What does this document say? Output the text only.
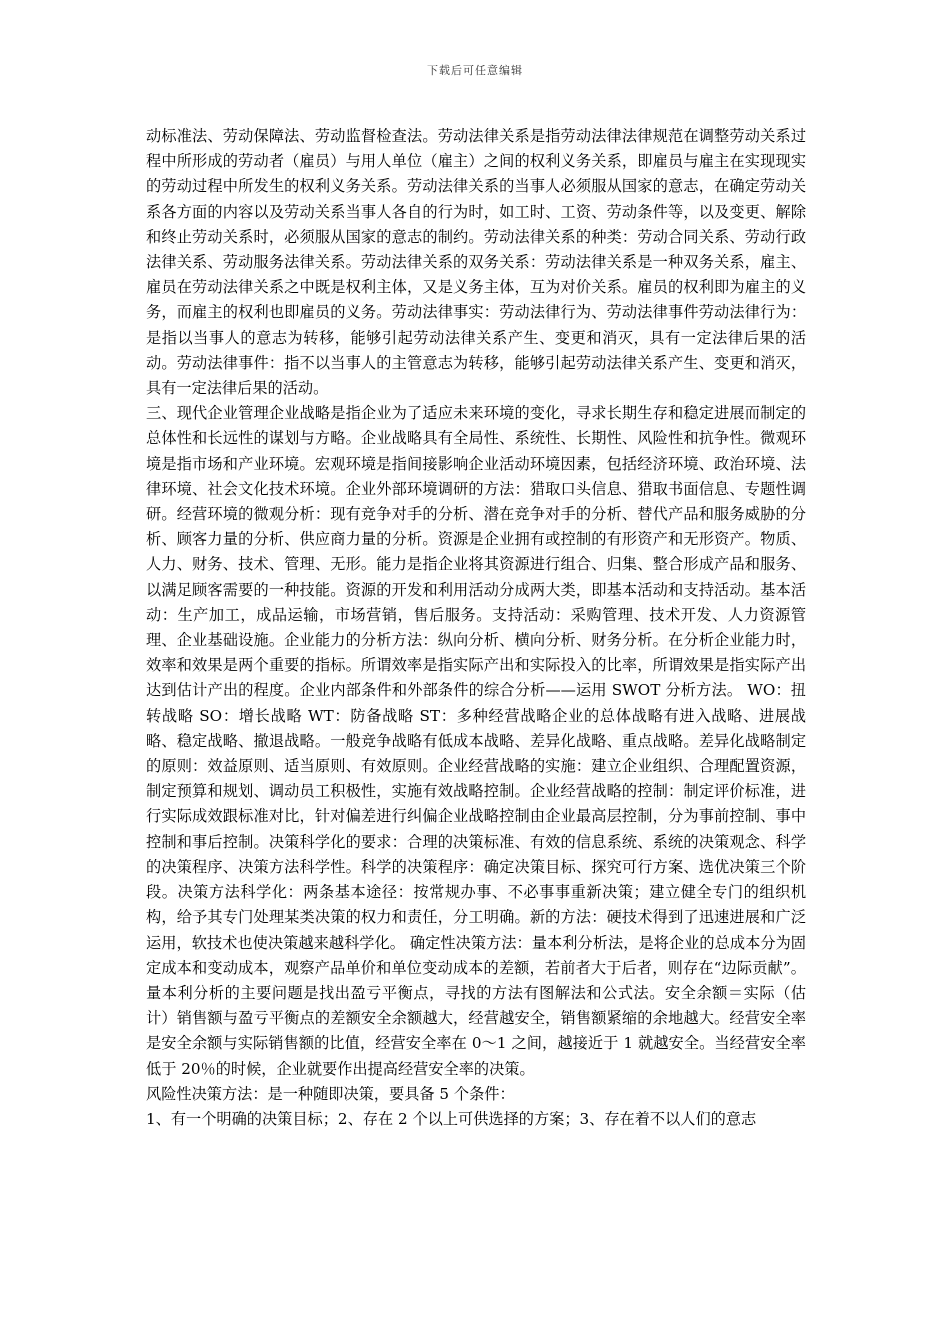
下载后可任意编辑

动标准法、劳动保障法、劳动监督检查法。劳动法律关系是指劳动法律法律规范在调整劳动关系过程中所形成的劳动者（雇员）与用人单位（雇主）之间的权利义务关系，即雇员与雇主在实现现实的劳动过程中所发生的权利义务关系。劳动法律关系的当事人必须服从国家的意志，在确定劳动关系各方面的内容以及劳动关系当事人各自的行为时，如工时、工资、劳动条件等，以及变更、解除和终止劳动关系时，必须服从国家的意志的制约。劳动法律关系的种类：劳动合同关系、劳动行政法律关系、劳动服务法律关系。劳动法律关系的双务关系：劳动法律关系是一种双务关系，雇主、雇员在劳动法律关系之中既是权利主体，又是义务主体，互为对价关系。雇员的权利即为雇主的义务，而雇主的权利也即雇员的义务。劳动法律事实：劳动法律行为、劳动法律事件劳动法律行为：是指以当事人的意志为转移，能够引起劳动法律关系产生、变更和消灭，具有一定法律后果的活动。劳动法律事件：指不以当事人的主管意志为转移，能够引起劳动法律关系产生、变更和消灭，具有一定法律后果的活动。

三、现代企业管理企业战略是指企业为了适应未来环境的变化，寻求长期生存和稳定进展而制定的总体性和长远性的谋划与方略。企业战略具有全局性、系统性、长期性、风险性和抗争性。微观环境是指市场和产业环境。宏观环境是指间接影响企业活动环境因素，包括经济环境、政治环境、法律环境、社会文化技术环境。企业外部环境调研的方法：猎取口头信息、猎取书面信息、专题性调研。经营环境的微观分析：现有竞争对手的分析、潜在竞争对手的分析、替代产品和服务威胁的分析、顾客力量的分析、供应商力量的分析。资源是企业拥有或控制的有形资产和无形资产。物质、人力、财务、技术、管理、无形。能力是指企业将其资源进行组合、归集、整合形成产品和服务、以满足顾客需要的一种技能。资源的开发和利用活动分成两大类，即基本活动和支持活动。基本活动：生产加工，成品运输，市场营销，售后服务。支持活动：采购管理、技术开发、人力资源管理、企业基础设施。企业能力的分析方法：纵向分析、横向分析、财务分析。在分析企业能力时，效率和效果是两个重要的指标。所谓效率是指实际产出和实际投入的比率，所谓效果是指实际产出达到估计产出的程度。企业内部条件和外部条件的综合分析——运用 SWOT 分析方法。 WO：扭转战略 SO：增长战略 WT：防备战略 ST：多种经营战略企业的总体战略有进入战略、进展战略、稳定战略、撤退战略。一般竞争战略有低成本战略、差异化战略、重点战略。差异化战略制定的原则：效益原则、适当原则、有效原则。企业经营战略的实施：建立企业组织、合理配置资源，制定预算和规划、调动员工积极性，实施有效战略控制。企业经营战略的控制：制定评价标准，进行实际成效跟标准对比，针对偏差进行纠偏企业战略控制由企业最高层控制，分为事前控制、事中控制和事后控制。决策科学化的要求：合理的决策标准、有效的信息系统、系统的决策观念、科学的决策程序、决策方法科学性。科学的决策程序：确定决策目标、探究可行方案、选优决策三个阶段。决策方法科学化：两条基本途径：按常规办事、不必事事重新决策；建立健全专门的组织机构，给予其专门处理某类决策的权力和责任，分工明确。新的方法：硬技术得到了迅速进展和广泛运用，软技术也使决策越来越科学化。 确定性决策方法：量本利分析法，是将企业的总成本分为固定成本和变动成本，观察产品单价和单位变动成本的差额，若前者大于后者，则存在“边际贡献”。量本利分析的主要问题是找出盈亏平衡点，寻找的方法有图解法和公式法。安全余额＝实际（估计）销售额与盈亏平衡点的差额安全余额越大，经营越安全，销售额紧缩的余地越大。经营安全率是安全余额与实际销售额的比值，经营安全率在 0～1 之间，越接近于 1 就越安全。当经营安全率低于 20％的时候，企业就要作出提高经营安全率的决策。

风险性决策方法：是一种随即决策，要具备 5 个条件：

1、有一个明确的决策目标；2、存在 2 个以上可供选择的方案；3、存在着不以人们的意志
